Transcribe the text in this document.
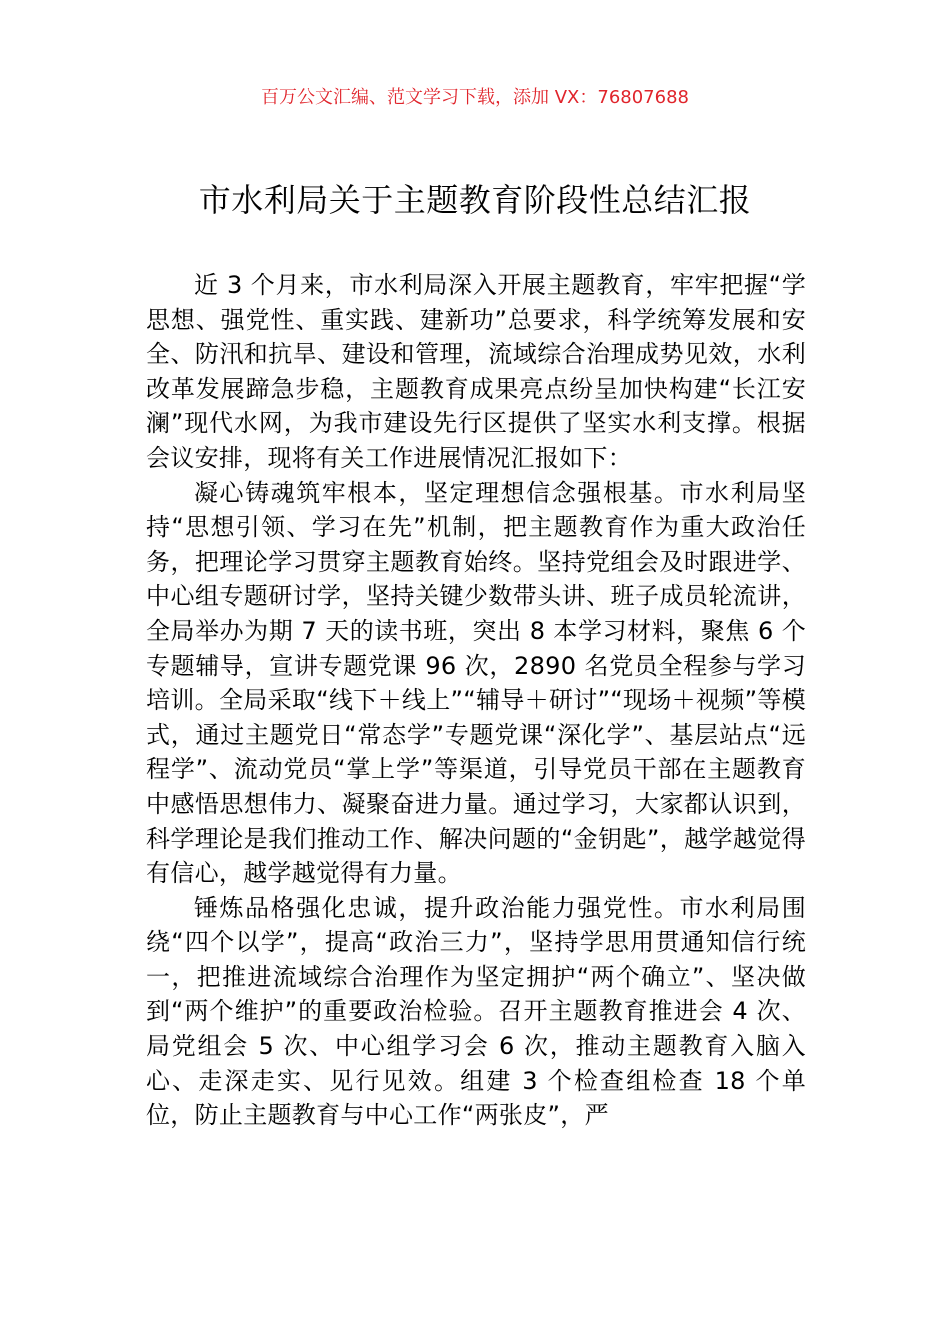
百万公文汇编、范文学习下载，添加 VX：76807688
市水利局关于主题教育阶段性总结汇报

近 3 个月来，市水利局深入开展主题教育，牢牢把握“学思想、强党性、重实践、建新功”总要求，科学统筹发展和安全、防汛和抗旱、建设和管理，流域综合治理成势见效，水利改革发展蹄急步稳，主题教育成果亮点纷呈加快构建“长江安澜”现代水网，为我市建设先行区提供了坚实水利支撑。根据会议安排，现将有关工作进展情况汇报如下：

凝心铸魂筑牢根本，坚定理想信念强根基。市水利局坚持“思想引领、学习在先”机制，把主题教育作为重大政治任务，把理论学习贯穿主题教育始终。坚持党组会及时跟进学、中心组专题研讨学，坚持关键少数带头讲、班子成员轮流讲，全局举办为期 7 天的读书班，突出 8 本学习材料，聚焦 6 个专题辅导，宣讲专题党课 96 次，2890 名党员全程参与学习培训。全局采取“线下＋线上”“辅导＋研讨”“现场＋视频”等模式，通过主题党日“常态学”专题党课“深化学”、基层站点“远程学”、流动党员“掌上学”等渠道，引导党员干部在主题教育中感悟思想伟力、凝聚奋进力量。通过学习，大家都认识到，科学理论是我们推动工作、解决问题的“金钥匙”，越学越觉得有信心，越学越觉得有力量。

锤炼品格强化忠诚，提升政治能力强党性。市水利局围绕“四个以学”，提高“政治三力”，坚持学思用贯通知信行统一，把推进流域综合治理作为坚定拥护“两个确立”、坚决做到“两个维护”的重要政治检验。召开主题教育推进会 4 次、局党组会 5 次、中心组学习会 6 次，推动主题教育入脑入心、走深走实、见行见效。组建 3 个检查组检查 18 个单位，防止主题教育与中心工作“两张皮”，严
